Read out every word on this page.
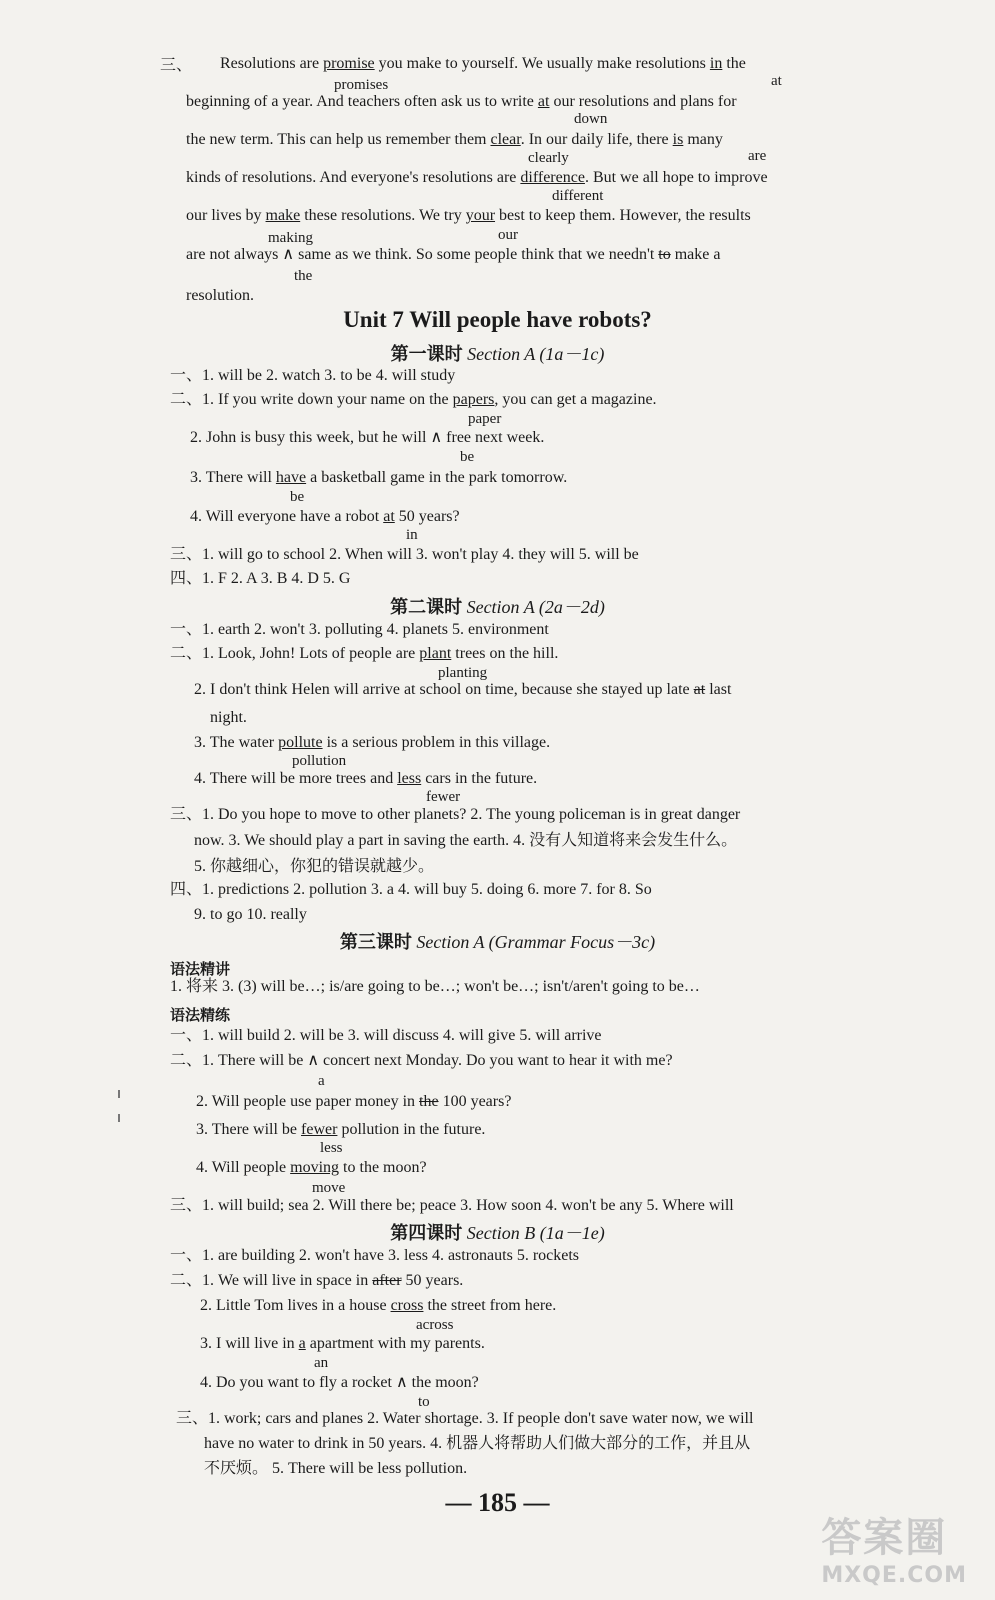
三、 Resolutions are promise you make to yourself. We usually make resolutions in the
promises	at
beginning of a year. And teachers often ask us to write at our resolutions and plans for
down
the new term. This can help us remember them clear. In our daily life, there is many
clearly	are
kinds of resolutions. And everyone's resolutions are difference. But we all hope to improve
different
our lives by make these resolutions. We try your best to keep them. However, the results
making	our
are not always ∧ same as we think. So some people think that we needn't to make a
the
resolution.
Unit 7 Will people have robots?
第一课时 Section A (1a－1c)
一、1. will be 2. watch 3. to be 4. will study
二、1. If you write down your name on the papers, you can get a magazine.
paper
2. John is busy this week, but he will ∧ free next week.
be
3. There will have a basketball game in the park tomorrow.
be
4. Will everyone have a robot at 50 years?
in
三、1. will go to school 2. When will 3. won't play 4. they will 5. will be
四、1. F 2. A 3. B 4. D 5. G
第二课时 Section A (2a－2d)
一、1. earth 2. won't 3. polluting 4. planets 5. environment
二、1. Look, John! Lots of people are plant trees on the hill.
planting
2. I don't think Helen will arrive at school on time, because she stayed up late at last
night.
3. The water pollute is a serious problem in this village.
pollution
4. There will be more trees and less cars in the future.
fewer
三、1. Do you hope to move to other planets? 2. The young policeman is in great danger
now. 3. We should play a part in saving the earth. 4. 没有人知道将来会发生什么。
5. 你越细心，你犯的错误就越少。
四、1. predictions 2. pollution 3. a 4. will buy 5. doing 6. more 7. for 8. So
9. to go 10. really
第三课时 Section A (Grammar Focus－3c)
语法精讲
1. 将来 3. (3) will be…; is/are going to be…; won't be…; isn't/aren't going to be…
语法精练
一、1. will build 2. will be 3. will discuss 4. will give 5. will arrive
二、1. There will be ∧ concert next Monday. Do you want to hear it with me?
a
2. Will people use paper money in the 100 years?
3. There will be fewer pollution in the future.
less
4. Will people moving to the moon?
move
三、1. will build; sea 2. Will there be; peace 3. How soon 4. won't be any 5. Where will
第四课时 Section B (1a－1e)
一、1. are building 2. won't have 3. less 4. astronauts 5. rockets
二、1. We will live in space in after 50 years.
2. Little Tom lives in a house cross the street from here.
across
3. I will live in a apartment with my parents.
an
4. Do you want to fly a rocket ∧ the moon?
to
三、1. work; cars and planes 2. Water shortage. 3. If people don't save water now, we will
have no water to drink in 50 years. 4. 机器人将帮助人们做大部分的工作，并且从
不厌烦。 5. There will be less pollution.
— 185 —
答案圈
MXQE.COM
